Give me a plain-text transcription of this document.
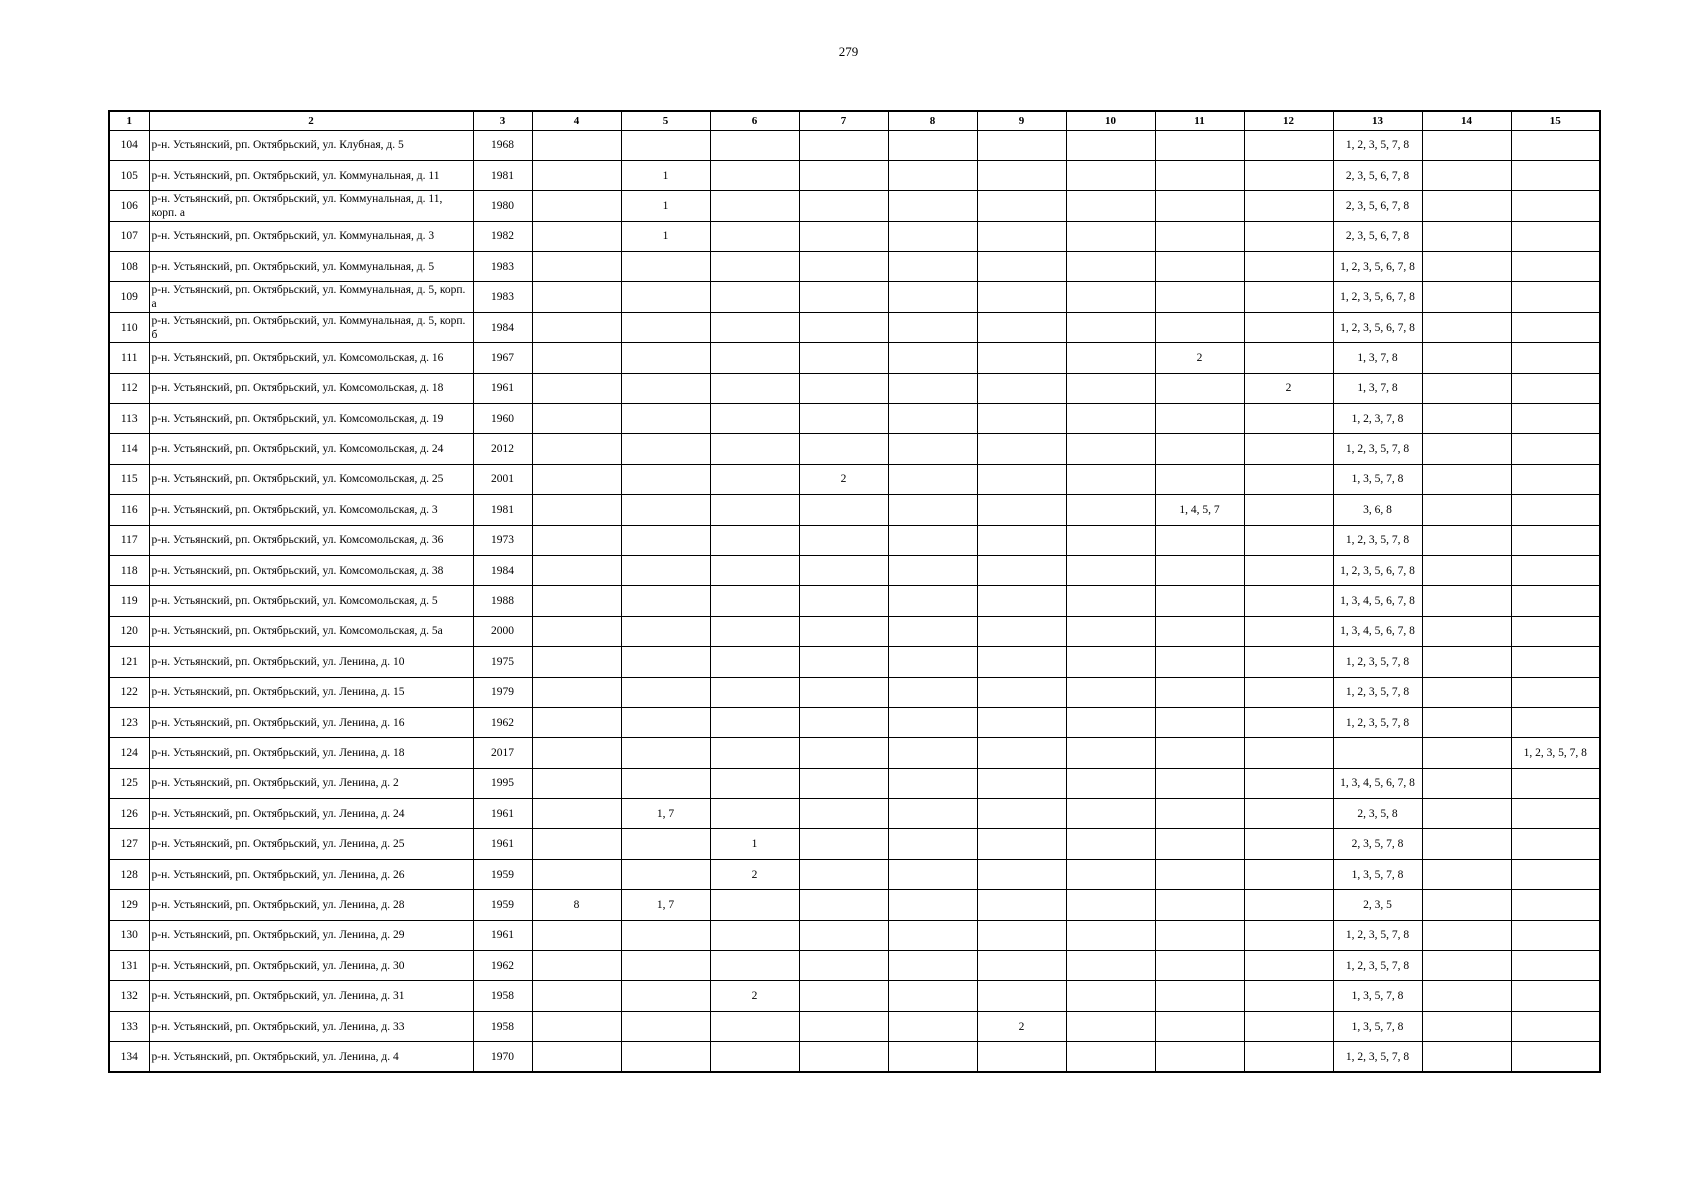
279
1	2	3	4	5	6	7	8	9	10	11	12	13	14	15
104	р-н. Устьянский, рп. Октябрьский, ул. Клубная, д. 5	1968										1, 2, 3, 5, 7, 8		
105	р-н. Устьянский, рп. Октябрьский, ул. Коммунальная, д. 11	1981		1								2, 3, 5, 6, 7, 8		
106	р-н. Устьянский, рп. Октябрьский, ул. Коммунальная, д. 11, корп. а	1980		1								2, 3, 5, 6, 7, 8		
107	р-н. Устьянский, рп. Октябрьский, ул. Коммунальная, д. 3	1982		1								2, 3, 5, 6, 7, 8		
108	р-н. Устьянский, рп. Октябрьский, ул. Коммунальная, д. 5	1983										1, 2, 3, 5, 6, 7, 8		
109	р-н. Устьянский, рп. Октябрьский, ул. Коммунальная, д. 5, корп. а	1983										1, 2, 3, 5, 6, 7, 8		
110	р-н. Устьянский, рп. Октябрьский, ул. Коммунальная, д. 5, корп. б	1984										1, 2, 3, 5, 6, 7, 8		
111	р-н. Устьянский, рп. Октябрьский, ул. Комсомольская, д. 16	1967								2		1, 3, 7, 8		
112	р-н. Устьянский, рп. Октябрьский, ул. Комсомольская, д. 18	1961									2	1, 3, 7, 8		
113	р-н. Устьянский, рп. Октябрьский, ул. Комсомольская, д. 19	1960										1, 2, 3, 7, 8		
114	р-н. Устьянский, рп. Октябрьский, ул. Комсомольская, д. 24	2012										1, 2, 3, 5, 7, 8		
115	р-н. Устьянский, рп. Октябрьский, ул. Комсомольская, д. 25	2001				2						1, 3, 5, 7, 8		
116	р-н. Устьянский, рп. Октябрьский, ул. Комсомольская, д. 3	1981								1, 4, 5, 7		3, 6, 8		
117	р-н. Устьянский, рп. Октябрьский, ул. Комсомольская, д. 36	1973										1, 2, 3, 5, 7, 8		
118	р-н. Устьянский, рп. Октябрьский, ул. Комсомольская, д. 38	1984										1, 2, 3, 5, 6, 7, 8		
119	р-н. Устьянский, рп. Октябрьский, ул. Комсомольская, д. 5	1988										1, 3, 4, 5, 6, 7, 8		
120	р-н. Устьянский, рп. Октябрьский, ул. Комсомольская, д. 5а	2000										1, 3, 4, 5, 6, 7, 8		
121	р-н. Устьянский, рп. Октябрьский, ул. Ленина, д. 10	1975										1, 2, 3, 5, 7, 8		
122	р-н. Устьянский, рп. Октябрьский, ул. Ленина, д. 15	1979										1, 2, 3, 5, 7, 8		
123	р-н. Устьянский, рп. Октябрьский, ул. Ленина, д. 16	1962										1, 2, 3, 5, 7, 8		
124	р-н. Устьянский, рп. Октябрьский, ул. Ленина, д. 18	2017												1, 2, 3, 5, 7, 8
125	р-н. Устьянский, рп. Октябрьский, ул. Ленина, д. 2	1995										1, 3, 4, 5, 6, 7, 8		
126	р-н. Устьянский, рп. Октябрьский, ул. Ленина, д. 24	1961		1, 7								2, 3, 5, 8		
127	р-н. Устьянский, рп. Октябрьский, ул. Ленина, д. 25	1961			1							2, 3, 5, 7, 8		
128	р-н. Устьянский, рп. Октябрьский, ул. Ленина, д. 26	1959			2							1, 3, 5, 7, 8		
129	р-н. Устьянский, рп. Октябрьский, ул. Ленина, д. 28	1959	8	1, 7								2, 3, 5		
130	р-н. Устьянский, рп. Октябрьский, ул. Ленина, д. 29	1961										1, 2, 3, 5, 7, 8		
131	р-н. Устьянский, рп. Октябрьский, ул. Ленина, д. 30	1962										1, 2, 3, 5, 7, 8		
132	р-н. Устьянский, рп. Октябрьский, ул. Ленина, д. 31	1958			2							1, 3, 5, 7, 8		
133	р-н. Устьянский, рп. Октябрьский, ул. Ленина, д. 33	1958						2				1, 3, 5, 7, 8		
134	р-н. Устьянский, рп. Октябрьский, ул. Ленина, д. 4	1970										1, 2, 3, 5, 7, 8		
